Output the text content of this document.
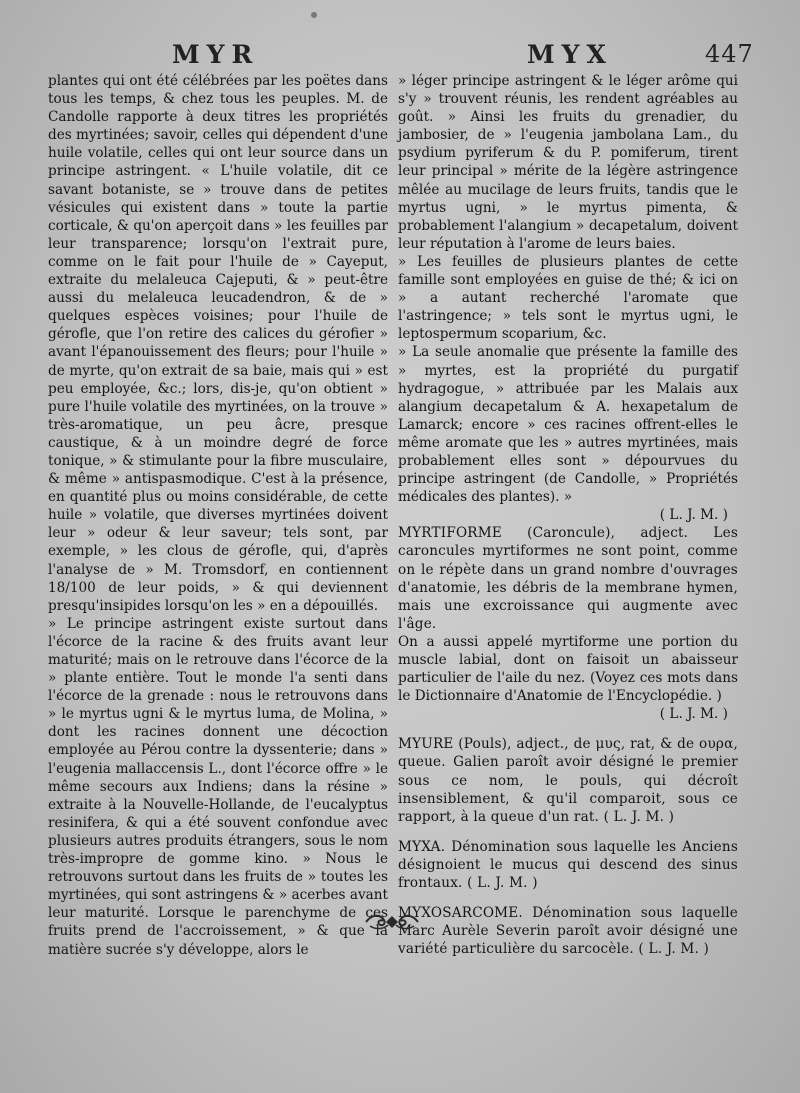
MYR	MYX	447

plantes qui ont été célébrées par les poëtes dans tous les temps, & chez tous les peuples. M. de Candolle rapporte à deux titres les propriétés des myrtinées; savoir, celles qui dépendent d'une huile volatile, celles qui ont leur source dans un principe astringent. « L'huile volatile, dit ce savant botaniste, se » trouve dans de petites vésicules qui existent dans » toute la partie corticale, & qu'on aperçoit dans » les feuilles par leur transparence; lorsqu'on l'extrait pure, comme on le fait pour l'huile de » Cayeput, extraite du melaleuca Cajeputi, & » peut-être aussi du melaleuca leucadendron, & de » quelques espèces voisines; pour l'huile de gérofle, que l'on retire des calices du gérofier » avant l'épanouissement des fleurs; pour l'huile » de myrte, qu'on extrait de sa baie, mais qui » est peu employée, &c.; lors, dis-je, qu'on obtient » pure l'huile volatile des myrtinées, on la trouve » très-aromatique, un peu âcre, presque caustique, & à un moindre degré de force tonique, » & stimulante pour la fibre musculaire, & même » antispasmodique. C'est à la présence, en quantité plus ou moins considérable, de cette huile » volatile, que diverses myrtinées doivent leur » odeur & leur saveur; tels sont, par exemple, » les clous de gérofle, qui, d'après l'analyse de » M. Tromsdorf, en contiennent 18/100 de leur poids, » & qui deviennent presqu'insipides lorsqu'on les » en a dépouillés.

» Le principe astringent existe surtout dans l'écorce de la racine & des fruits avant leur maturité; mais on le retrouve dans l'écorce de la » plante entière. Tout le monde l'a senti dans l'écorce de la grenade : nous le retrouvons dans » le myrtus ugni & le myrtus luma, de Molina, » dont les racines donnent une décoction employée au Pérou contre la dyssenterie; dans » l'eugenia mallaccensis L., dont l'écorce offre » le même secours aux Indiens; dans la résine » extraite à la Nouvelle-Hollande, de l'eucalyptus resinifera, & qui a été souvent confondue avec plusieurs autres produits étrangers, sous le nom très-impropre de gomme kino. » Nous le retrouvons surtout dans les fruits de » toutes les myrtinées, qui sont astringens & » acerbes avant leur maturité. Lorsque le parenchyme de ces fruits prend de l'accroissement, » & que la matière sucrée s'y développe, alors le

» léger principe astringent & le léger arôme qui s'y » trouvent réunis, les rendent agréables au goût. » Ainsi les fruits du grenadier, du jambosier, de » l'eugenia jambolana Lam., du psydium pyriferum & du P. pomiferum, tirent leur principal » mérite de la légère astringence mêlée au mucilage de leurs fruits, tandis que le myrtus ugni, » le myrtus pimenta, & probablement l'alangium » decapetalum, doivent leur réputation à l'arome de leurs baies.

» Les feuilles de plusieurs plantes de cette famille sont employées en guise de thé; & ici on » a autant recherché l'aromate que l'astringence; » tels sont le myrtus ugni, le leptospermum scoparium, &c.

» La seule anomalie que présente la famille des » myrtes, est la propriété du purgatif hydragogue, » attribuée par les Malais aux alangium decapetalum & A. hexapetalum de Lamarck; encore » ces racines offrent-elles le même aromate que les » autres myrtinées, mais probablement elles sont » dépourvues du principe astringent (de Candolle, » Propriétés médicales des plantes). »

( L. J. M. )

MYRTIFORME (Caroncule), adject. Les caroncules myrtiformes ne sont point, comme on le répète dans un grand nombre d'ouvrages d'anatomie, les débris de la membrane hymen, mais une excroissance qui augmente avec l'âge.

On a aussi appelé myrtiforme une portion du muscle labial, dont on faisoit un abaisseur particulier de l'aile du nez. (Voyez ces mots dans le Dictionnaire d'Anatomie de l'Encyclopédie. )

( L. J. M. )

MYURE (Pouls), adject., de μυς, rat, & de ουρα, queue. Galien paroît avoir désigné le premier sous ce nom, le pouls, qui décroît insensiblement, & qu'il comparoit, sous ce rapport, à la queue d'un rat. ( L. J. M. )

MYXA. Dénomination sous laquelle les Anciens désignoient le mucus qui descend des sinus frontaux. ( L. J. M. )

MYXOSARCOME. Dénomination sous laquelle Marc Aurèle Severin paroît avoir désigné une variété particulière du sarcocèle. ( L. J. M. )
